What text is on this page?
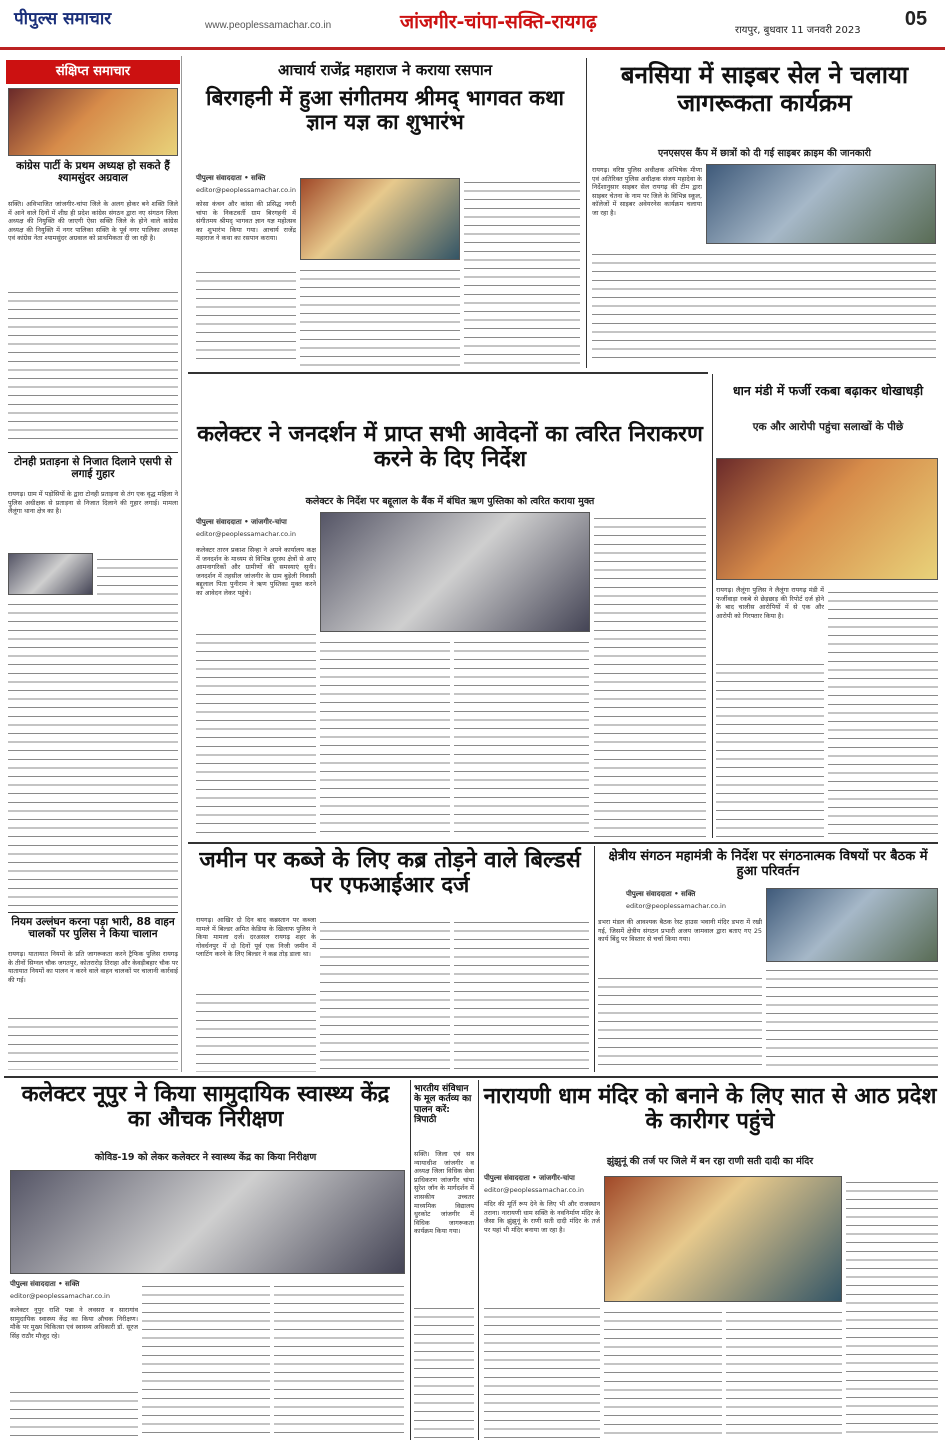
पीपुल्स समाचार	www.peoplessamachar.co.in	जांजगीर-चांपा-सक्ति-रायगढ़	रायपुर, बुधवार 11 जनवरी 2023
05
संक्षिप्त समाचार
कांग्रेस पार्टी के प्रथम अध्यक्ष हो सकते हैं श्यामसुंदर अग्रवाल
सक्ति। अविभाजित जांजगीर-चांपा जिले के अलग होकर बने शक्ति जिले में आने वाले दिनों में शीघ्र ही प्रदेश कांग्रेस संगठन द्वारा नए संगठन जिला अध्यक्ष की नियुक्ति की जाएगी ऐसा सक्ति जिले के होने वाले कांग्रेस अध्यक्ष की नियुक्ति में नगर पालिका सक्ति के पूर्व नगर पालिका अध्यक्ष एवं कांग्रेस नेता श्यामसुंदर अग्रवाल को प्राथमिकता दी जा रही है।
टोनही प्रताड़ना से निजात दिलाने एसपी से लगाई गुहार
रायगढ़। ग्राम में पड़ोसियों के द्वारा टोनही प्रताड़ना से तंग एक वृद्ध महिला ने पुलिस अधीक्षक से प्रताड़ना से निजात दिलाने की गुहार लगाई। मामला लैलूंगा थाना क्षेत्र का है।
नियम उल्लंघन करना पड़ा भारी, 88 वाहन चालकों पर पुलिस ने किया चालान
रायगढ़। यातायात नियमों के प्रति जागरूकता करने ट्रैफिक पुलिस रायगढ़ के तीनों सिग्नल चौक जगतपुर, कोतरारोड़ तिराहा और केवड़ीबहार चौक पर यातायात नियमों का पालन न करने वाले वाहन चालकों पर चालानी कार्रवाई की गई।
आचार्य राजेंद्र महाराज ने कराया रसपान
बिरगहनी में हुआ संगीतमय श्रीमद् भागवत कथा ज्ञान यज्ञ का शुभारंभ
पीपुल्स संवाददाता • सक्ति
editor@peoplessamachar.co.in
कोसा कंचन और कांसा की प्रसिद्ध नगरी चांपा के निकटवर्ती ग्राम बिरगहनी में संगीतमय श्रीमद् भागवत ज्ञान यज्ञ महोत्सव का शुभारंभ किया गया। आचार्य राजेंद्र महाराज ने कथा का रसपान कराया।
बनसिया में साइबर सेल ने चलाया जागरूकता कार्यक्रम
एनएसएस कैंप में छात्रों को दी गई साइबर क्राइम की जानकारी
रायगढ़। वरिष्ठ पुलिस अधीक्षक अभिषेक मीणा एवं अतिरिक्त पुलिस अधीक्षक संजय महादेवा के निर्देशानुसार साइबर सेल रायगढ़ की टीम द्वारा साइबर चेतना के नाम पर जिले के विभिन्न स्कूल, कॉलेजों में साइबर अवेयरनेस कार्यक्रम चलाया जा रहा है।
कलेक्टर ने जनदर्शन में प्राप्त सभी आवेदनों का त्वरित निराकरण करने के दिए निर्देश
कलेक्टर के निर्देश पर बद्दूलाल के बैंक में बंधित ऋण पुस्तिका को त्वरित कराया मुक्त
पीपुल्स संवाददाता • जांजगीर-चांपा
editor@peoplessamachar.co.in
कलेक्टर तारन प्रकाश सिन्हा ने अपने कार्यालय कक्ष में जनदर्शन के माध्यम से विभिन्न दूरस्थ क्षेत्रों से आए आमनागरिकों और ग्रामीणों की समस्याएं सुनी। जनदर्शन में तहसील जांजगीर के ग्राम बुड़ेली निवासी बद्दूलाल पिता पुनीराम ने ऋण पुस्तिका मुक्त करने का आवेदन लेकर पहुंचे।
धान मंडी में फर्जी रकबा बढ़ाकर धोखाधड़ी
एक और आरोपी पहुंचा सलाखों के पीछे
रायगढ़। लैलूंगा पुलिस ने लैलूंगा रायगढ़ मंडी में फर्जीवाड़ा रकबे से छेड़छाड़ की रिपोर्ट दर्ज होने के बाद चालीस आरोपियों में से एक और आरोपी को गिरफ्तार किया है।
जमीन पर कब्जे के लिए कब्र तोड़ने वाले बिल्डर्स पर एफआईआर दर्ज
रायगढ़। आखिर दो दिन बाद कब्रस्तान पर कब्जा मामले में बिल्डर अमित केडिया के खिलाफ पुलिस ने किया मामला दर्ज। दरअसल रायगढ़ शहर के गोवर्धनपुर में दो दिनों पूर्व एक निजी जमीन में प्लाटिंग करने के लिए बिल्डर ने कब्र तोड़ डाला था।
क्षेत्रीय संगठन महामंत्री के निर्देश पर संगठनात्मक विषयों पर बैठक में हुआ परिवर्तन
पीपुल्स संवाददाता • सक्ति
editor@peoplessamachar.co.in
डभरा मंडल की आवश्यक बैठक रेस्ट हाउस भवानी मंदिर डभरा में रखी गई, जिसमें क्षेत्रीय संगठन प्रभारी अजय जामवाल द्वारा बताए गए 25 कार्य बिंदु पर विस्तार से चर्चा किया गया।
कलेक्टर नूपुर ने किया सामुदायिक स्वास्थ्य केंद्र का औचक निरीक्षण
कोविड-19 को लेकर कलेक्टर ने स्वास्थ्य केंद्र का किया निरीक्षण
पीपुल्स संवाददाता • सक्ति
editor@peoplessamachar.co.in
कलेक्टर नूपुर राशि पन्ना ने लवसरा व सारागांव सामुदायिक स्वास्थ्य केंद्र का किया औचक निरीक्षण। मौके पर मुख्य चिकित्सा एवं स्वास्थ्य अधिकारी डॉ. सूरज सिंह राठौर मौजूद रहे।
भारतीय संविधान के मूल कर्तव्य का पालन करें: त्रिपाठी
सक्ति। जिला एवं सत्र न्यायाधीश जांजगीर व अध्यक्ष जिला विधिक सेवा प्राधिकरण जांजगीर चांपा सुरेश जॉन के मार्गदर्शन में शासकीय उच्चतर माध्यमिक विद्यालय धुरकोट जांजगीर में विधिक जागरूकता कार्यक्रम किया गया।
नारायणी धाम मंदिर को बनाने के लिए सात से आठ प्रदेश के कारीगर पहुंचे
झुंझुनूं की तर्ज पर जिले में बन रहा राणी सती दादी का मंदिर
पीपुल्स संवाददाता • जांजगीर-चांपा
editor@peoplessamachar.co.in
मंदिर की मूर्ति रूप देने के लिए भी और राजस्थान तराना। नारायणी धाम सक्ति के नवनिर्माण मंदिर के जैसा कि झुंझुनूं के राणी सती दादी मंदिर के तर्ज पर यहां भी मंदिर बनाया जा रहा है।
